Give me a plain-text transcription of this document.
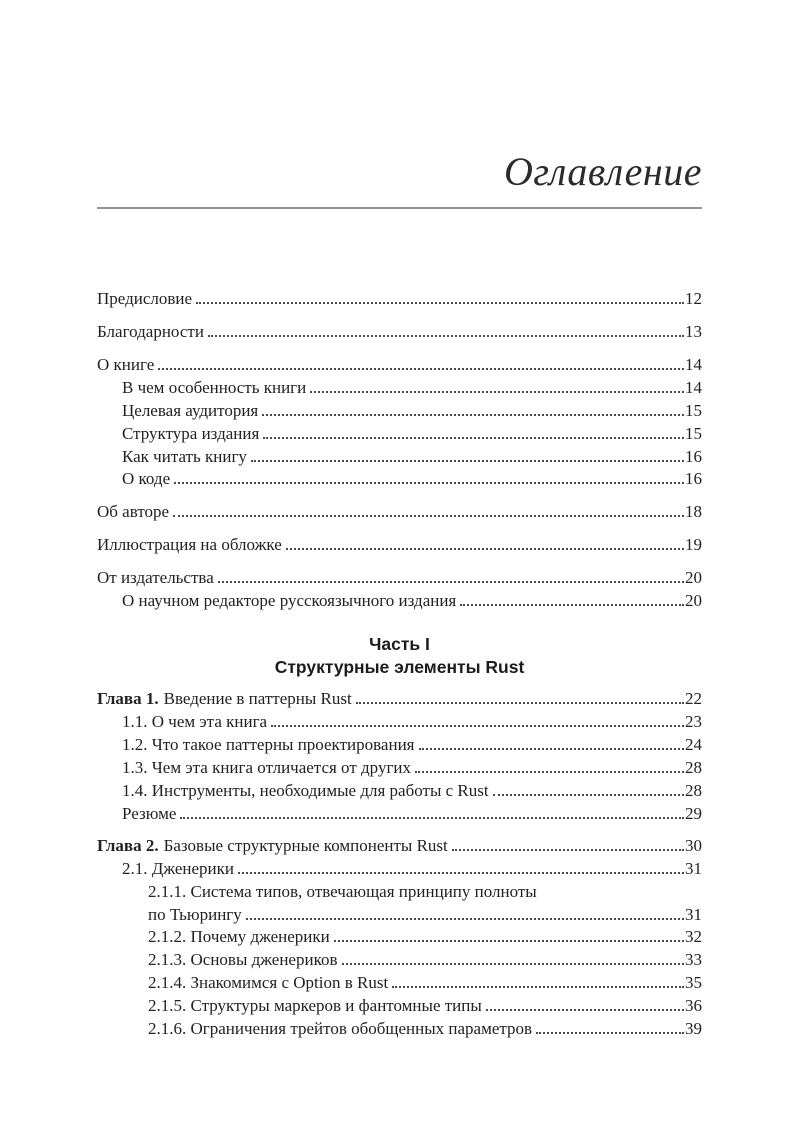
Оглавление
Предисловие	12
Благодарности	13
О книге	14
В чем особенность книги	14
Целевая аудитория	15
Структура издания	15
Как читать книгу	16
О коде	16
Об авторе	18
Иллюстрация на обложке	19
От издательства	20
О научном редакторе русскоязычного издания	20
Часть I
Структурные элементы Rust
Глава 1. Введение в паттерны Rust	22
1.1. О чем эта книга	23
1.2. Что такое паттерны проектирования	24
1.3. Чем эта книга отличается от других	28
1.4. Инструменты, необходимые для работы с Rust	28
Резюме	29
Глава 2. Базовые структурные компоненты Rust	30
2.1. Дженерики	31
2.1.1. Система типов, отвечающая принципу полноты
по Тьюрингу	31
2.1.2. Почему дженерики	32
2.1.3. Основы дженериков	33
2.1.4. Знакомимся с Option в Rust	35
2.1.5. Структуры маркеров и фантомные типы	36
2.1.6. Ограничения трейтов обобщенных параметров	39
